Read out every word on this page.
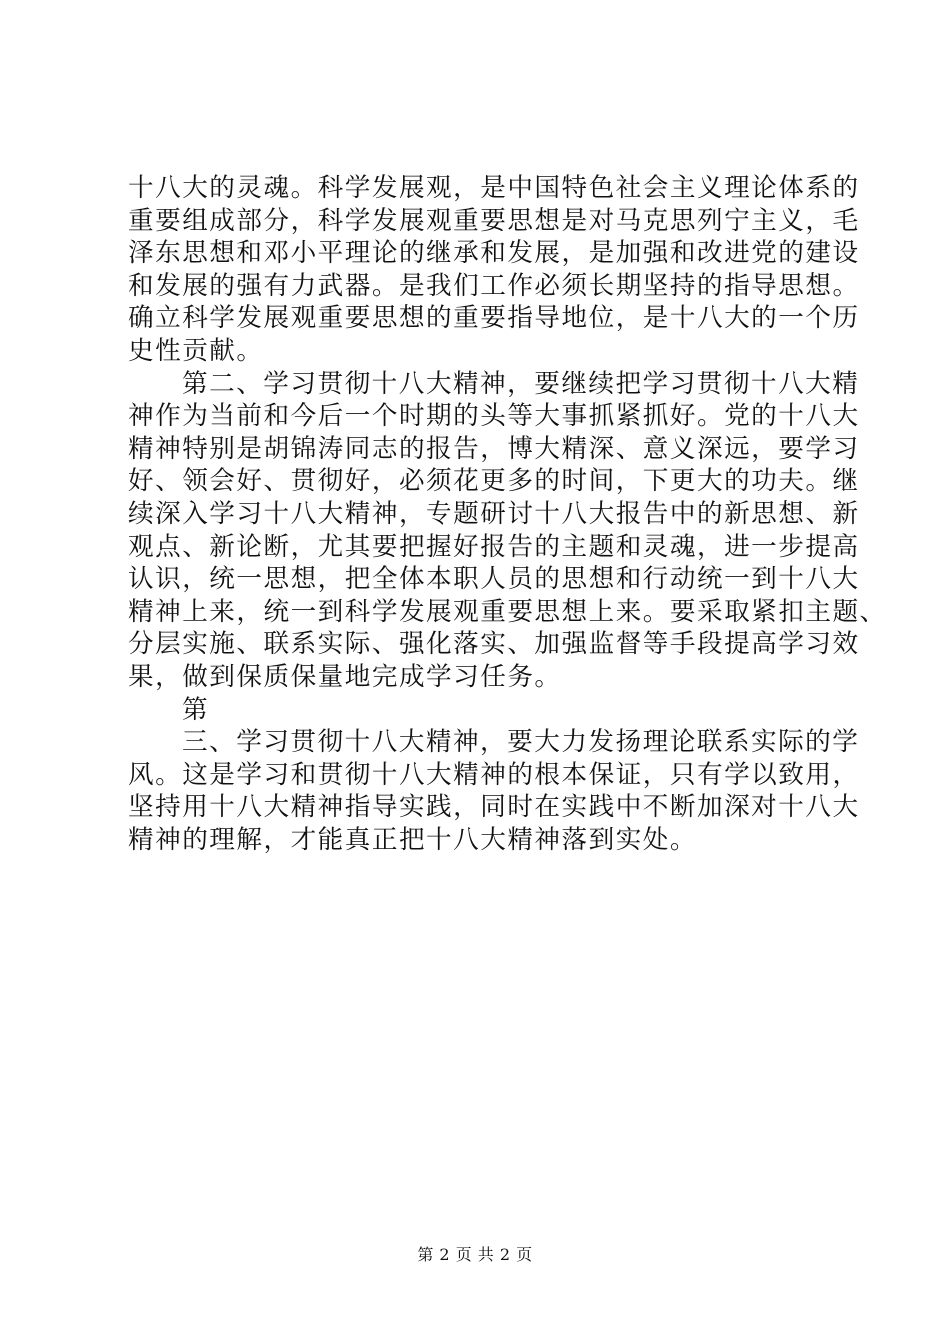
十八大的灵魂。科学发展观，是中国特色社会主义理论体系的
重要组成部分，科学发展观重要思想是对马克思列宁主义，毛
泽东思想和邓小平理论的继承和发展，是加强和改进党的建设
和发展的强有力武器。是我们工作必须长期坚持的指导思想。
确立科学发展观重要思想的重要指导地位，是十八大的一个历
史性贡献。
第二、学习贯彻十八大精神，要继续把学习贯彻十八大精
神作为当前和今后一个时期的头等大事抓紧抓好。党的十八大
精神特别是胡锦涛同志的报告，博大精深、意义深远，要学习
好、领会好、贯彻好，必须花更多的时间，下更大的功夫。继
续深入学习十八大精神，专题研讨十八大报告中的新思想、新
观点、新论断，尤其要把握好报告的主题和灵魂，进一步提高
认识，统一思想，把全体本职人员的思想和行动统一到十八大
精神上来，统一到科学发展观重要思想上来。要采取紧扣主题、
分层实施、联系实际、强化落实、加强监督等手段提高学习效
果，做到保质保量地完成学习任务。
第
三、学习贯彻十八大精神，要大力发扬理论联系实际的学
风。这是学习和贯彻十八大精神的根本保证，只有学以致用，
坚持用十八大精神指导实践，同时在实践中不断加深对十八大
精神的理解，才能真正把十八大精神落到实处。
第 2 页 共 2 页
